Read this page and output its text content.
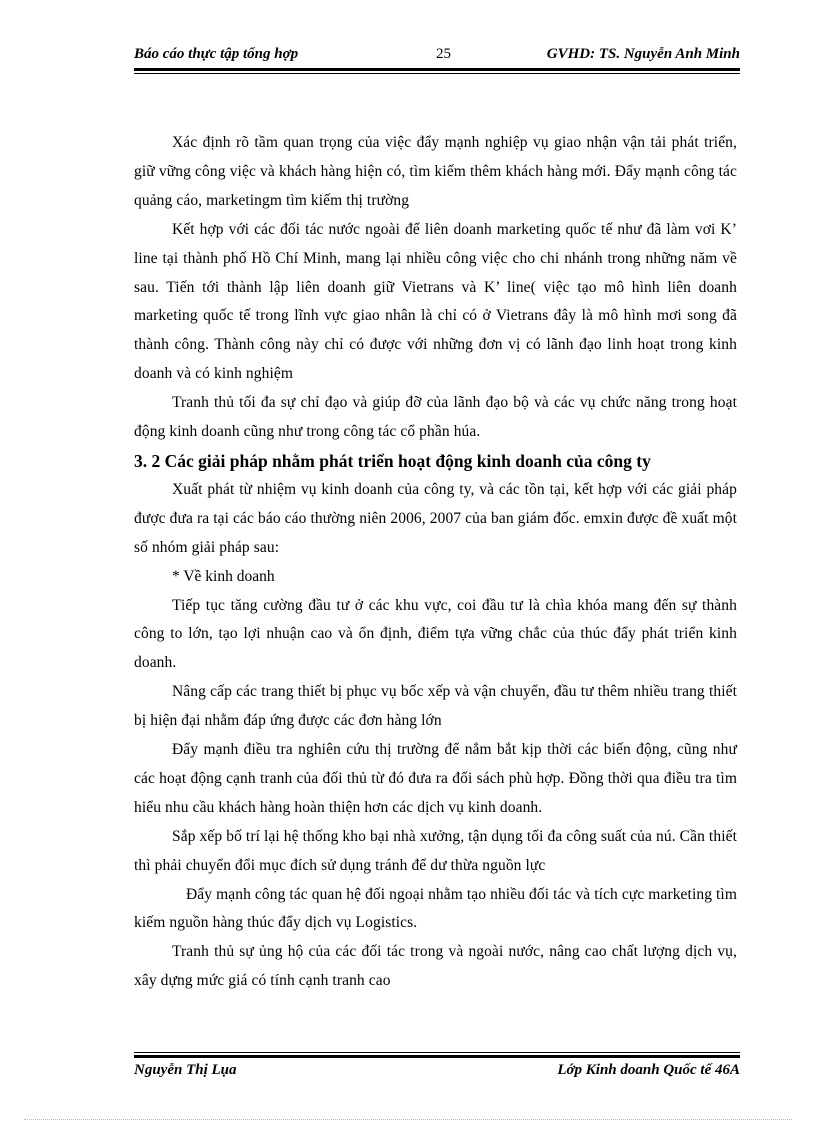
Báo cáo thực tập tổng hợp	25	GVHD: TS. Nguyễn Anh Minh

Xác định rõ tầm quan trọng của việc đẩy mạnh nghiệp vụ giao nhận vận tải phát triển, giữ vững công việc và khách hàng hiện có, tìm kiếm thêm khách hàng mới. Đẩy mạnh công tác quảng cáo, marketingm tìm kiếm thị trường

Kết hợp với các đối tác nước ngoài để liên doanh marketing quốc tế như đã làm vơi K’ line tại thành phố Hồ Chí Minh, mang lại nhiều công việc cho chi nhánh trong những năm về sau. Tiến tới thành lập liên doanh giữ Vietrans và K’ line( việc tạo mô hình liên doanh marketing quốc tế trong lĩnh vực giao nhân là chỉ có ở Vietrans đây là mô hình mơi song đã thành công. Thành công này chỉ có được với những đơn vị có lãnh đạo linh hoạt trong kinh doanh và có kinh nghiệm

Tranh thủ tối đa sự chỉ đạo và giúp đỡ của lãnh đạo bộ và các vụ chức năng trong hoạt động kinh doanh cũng như trong công tác cổ phần húa.

3. 2 Các giải pháp nhằm phát triển hoạt động kinh doanh của công ty

Xuất phát từ nhiệm vụ kinh doanh của công ty, và các tồn tại, kết hợp với các giải pháp được đưa ra tại các báo cáo thường niên 2006, 2007 của ban giám đốc. emxin được đề xuất một số nhóm giải pháp sau:

* Về kinh doanh

Tiếp tục tăng cường đầu tư ở các khu vực, coi đầu tư là chìa khóa mang đến sự thành công to lớn, tạo lợi nhuận cao và ổn định, điểm tựa vững chắc của thúc đẩy phát triển kinh doanh.

Nâng cấp các trang thiết bị phục vụ bốc xếp và vận chuyển, đầu tư thêm nhiều trang thiết bị hiện đại nhằm đáp ứng được các đơn hàng lớn

Đẩy mạnh điều tra nghiên cứu thị trường để nắm bắt kịp thời các biến động, cũng như các hoạt động cạnh tranh của đối thủ từ đó đưa ra đối sách phù hợp. Đồng thời qua điều tra tìm hiểu nhu cầu khách hàng hoàn thiện hơn các dịch vụ kinh doanh.

Sắp xếp bố trí lại hệ thống kho bại nhà xưởng, tận dụng tối đa công suất của nú. Cần thiết thì phải chuyển đổi mục đích sử dụng tránh để dư thừa nguồn lực

Đẩy mạnh công tác quan hệ đối ngoại nhằm tạo nhiều đối tác và tích cực marketing tìm kiếm nguồn hàng thúc đẩy dịch vụ Logistics.

Tranh thủ sự ủng hộ của các đối tác trong và ngoài nước, nâng cao chất lượng dịch vụ, xây dựng mức giá có tính cạnh tranh cao

Nguyễn Thị Lụa	Lớp Kinh doanh Quốc tế 46A
